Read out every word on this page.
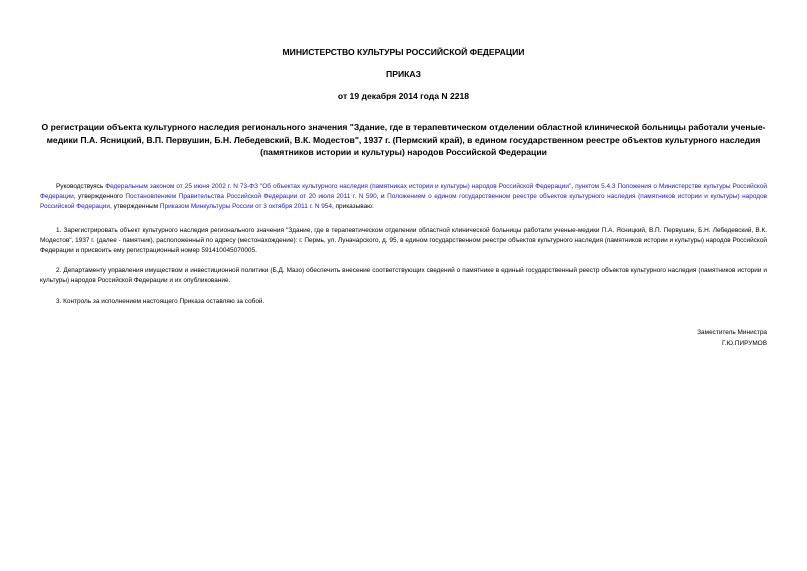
МИНИСТЕРСТВО КУЛЬТУРЫ РОССИЙСКОЙ ФЕДЕРАЦИИ
ПРИКАЗ
от 19 декабря 2014 года N 2218
О регистрации объекта культурного наследия регионального значения "Здание, где в терапевтическом отделении областной клинической больницы работали ученые-медики П.А. Ясницкий, В.П. Первушин, Б.Н. Лебедевский, В.К. Модестов", 1937 г. (Пермский край), в едином государственном реестре объектов культурного наследия (памятников истории и культуры) народов Российской Федерации
Руководствуясь Федеральным законом от 25 июня 2002 г. N 73-ФЗ "Об объектах культурного наследия (памятниках истории и культуры) народов Российской Федерации", пунктом 5.4.3 Положения о Министерстве культуры Российской Федерации, утвержденного Постановлением Правительства Российской Федерации от 20 июля 2011 г. N 590, и Положением о едином государственном реестре объектов культурного наследия (памятников истории и культуры) народов Российской Федерации, утвержденным Приказом Минкультуры России от 3 октября 2011 г. N 954, приказываю:
1. Зарегистрировать объект культурного наследия регионального значения "Здание, где в терапевтическом отделении областной клинической больницы работали ученые-медики П.А. Ясницкий, В.П. Первушин, Б.Н. Лебедевский, В.К. Модестов", 1937 г. (далее - памятник), расположенный по адресу (местонахождение): г. Пермь, ул. Луначарского, д. 95, в едином государственном реестре объектов культурного наследия (памятников истории и культуры) народов Российской Федерации и присвоить ему регистрационный номер 591410045070005.
2. Департаменту управления имуществом и инвестиционной политики (Б.Д. Мазо) обеспечить внесение соответствующих сведений о памятнике в единый государственный реестр объектов культурного наследия (памятников истории и культуры) народов Российской Федерации и их опубликование.
3. Контроль за исполнением настоящего Приказа оставляю за собой.
Заместитель Министра
Г.Ю.ПИРУМОВ
